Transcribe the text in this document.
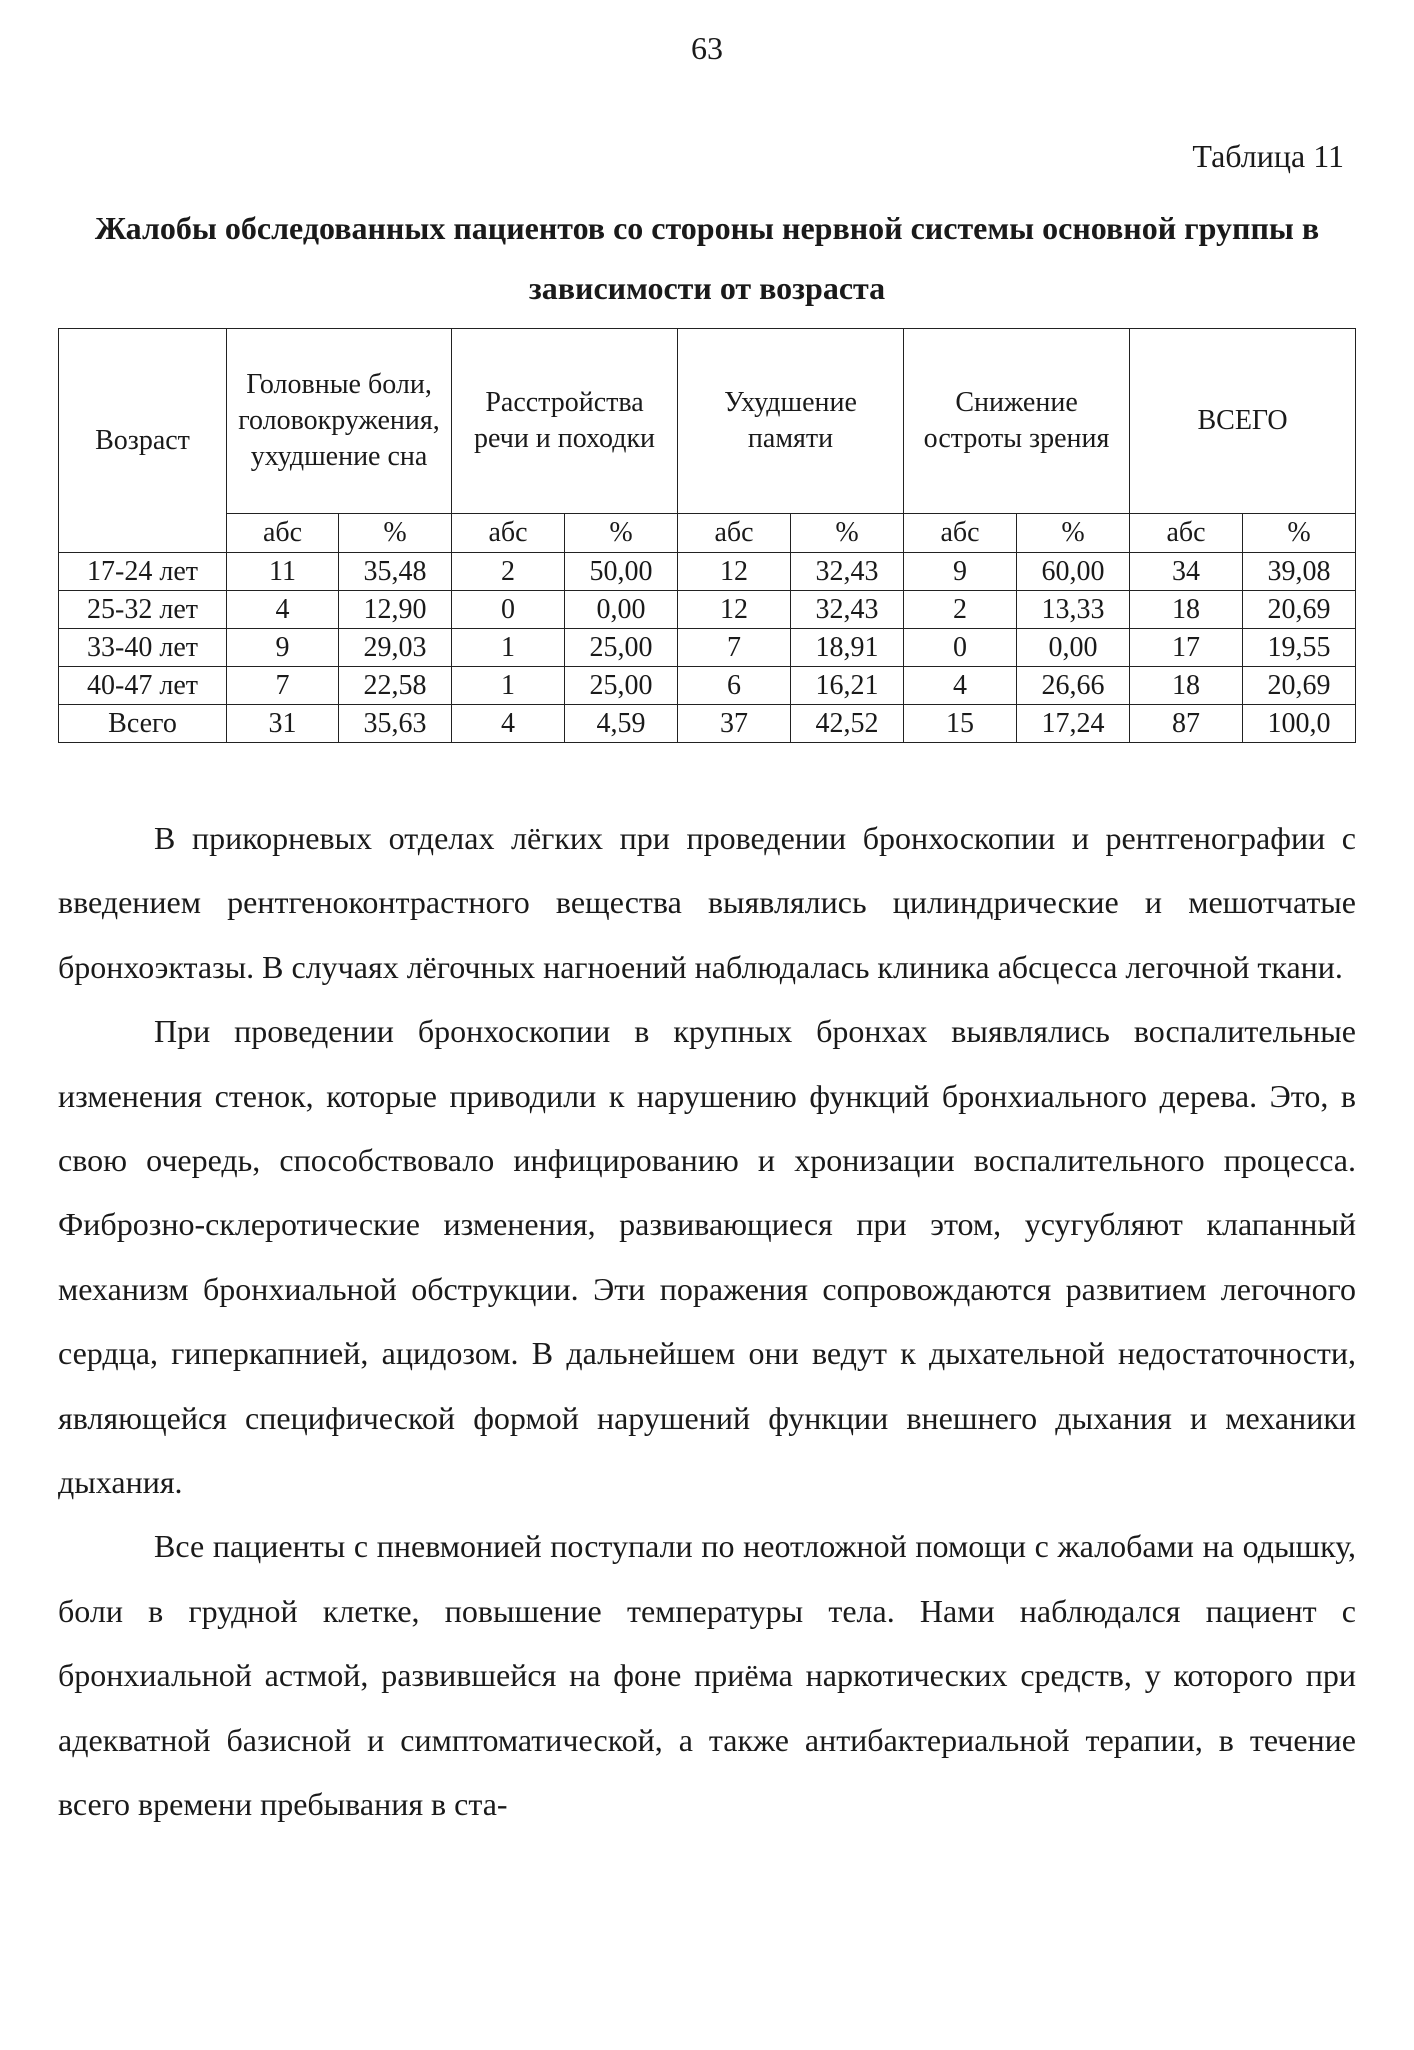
63
Таблица 11
Жалобы обследованных пациентов со стороны нервной системы основной группы в зависимости от возраста
Возраст	Головные боли, головокружения, ухудшение сна		Расстройства речи и походки		Ухудшение памяти		Снижение остроты зрения		ВСЕГО	
	абс	%	абс	%	абс	%	абс	%	абс	%
17-24 лет	11	35,48	2	50,00	12	32,43	9	60,00	34	39,08
25-32 лет	4	12,90	0	0,00	12	32,43	2	13,33	18	20,69
33-40 лет	9	29,03	1	25,00	7	18,91	0	0,00	17	19,55
40-47 лет	7	22,58	1	25,00	6	16,21	4	26,66	18	20,69
Всего	31	35,63	4	4,59	37	42,52	15	17,24	87	100,0

В прикорневых отделах лёгких при проведении бронхоскопии и рентгенографии с введением рентгеноконтрастного вещества выявлялись цилиндрические и мешотчатые бронхоэктазы. В случаях лёгочных нагноений наблюдалась клиника абсцесса легочной ткани.

При проведении бронхоскопии в крупных бронхах выявлялись воспалительные изменения стенок, которые приводили к нарушению функций бронхиального дерева. Это, в свою очередь, способствовало инфицированию и хронизации воспалительного процесса. Фиброзно-склеротические изменения, развивающиеся при этом, усугубляют клапанный механизм бронхиальной обструкции. Эти поражения сопровождаются развитием легочного сердца, гиперкапнией, ацидозом. В дальнейшем они ведут к дыхательной недостаточности, являющейся специфической формой нарушений функции внешнего дыхания и механики дыхания.

Все пациенты с пневмонией поступали по неотложной помощи с жалобами на одышку, боли в грудной клетке, повышение температуры тела. Нами наблюдался пациент с бронхиальной астмой, развившейся на фоне приёма наркотических средств, у которого при адекватной базисной и симптоматической, а также антибактериальной терапии, в течение всего времени пребывания в ста-
